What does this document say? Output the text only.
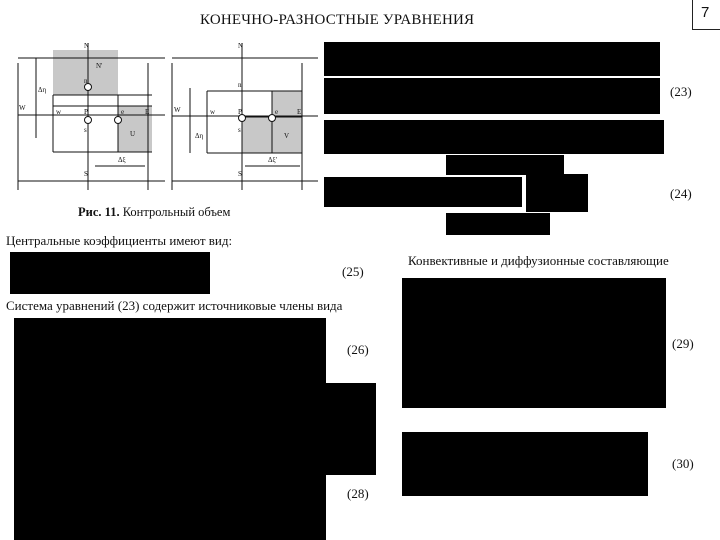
КОНЕЧНО-РАЗНОСТНЫЕ УРАВНЕНИЯ	7
N
N'
n
W	w	P	e	E
s	U
S
Δη
Δξ
N
n
W	w	P	e	E
s
V
S
Δη
Δξ'
Рис. 11. Контрольный объем
(23)
(24)
Центральные коэффициенты имеют вид:
(25)
Система уравнений (23) содержит источниковые члены вида
(26)
(28)
Конвективные и диффузионные составляющие
(29)
(30)
